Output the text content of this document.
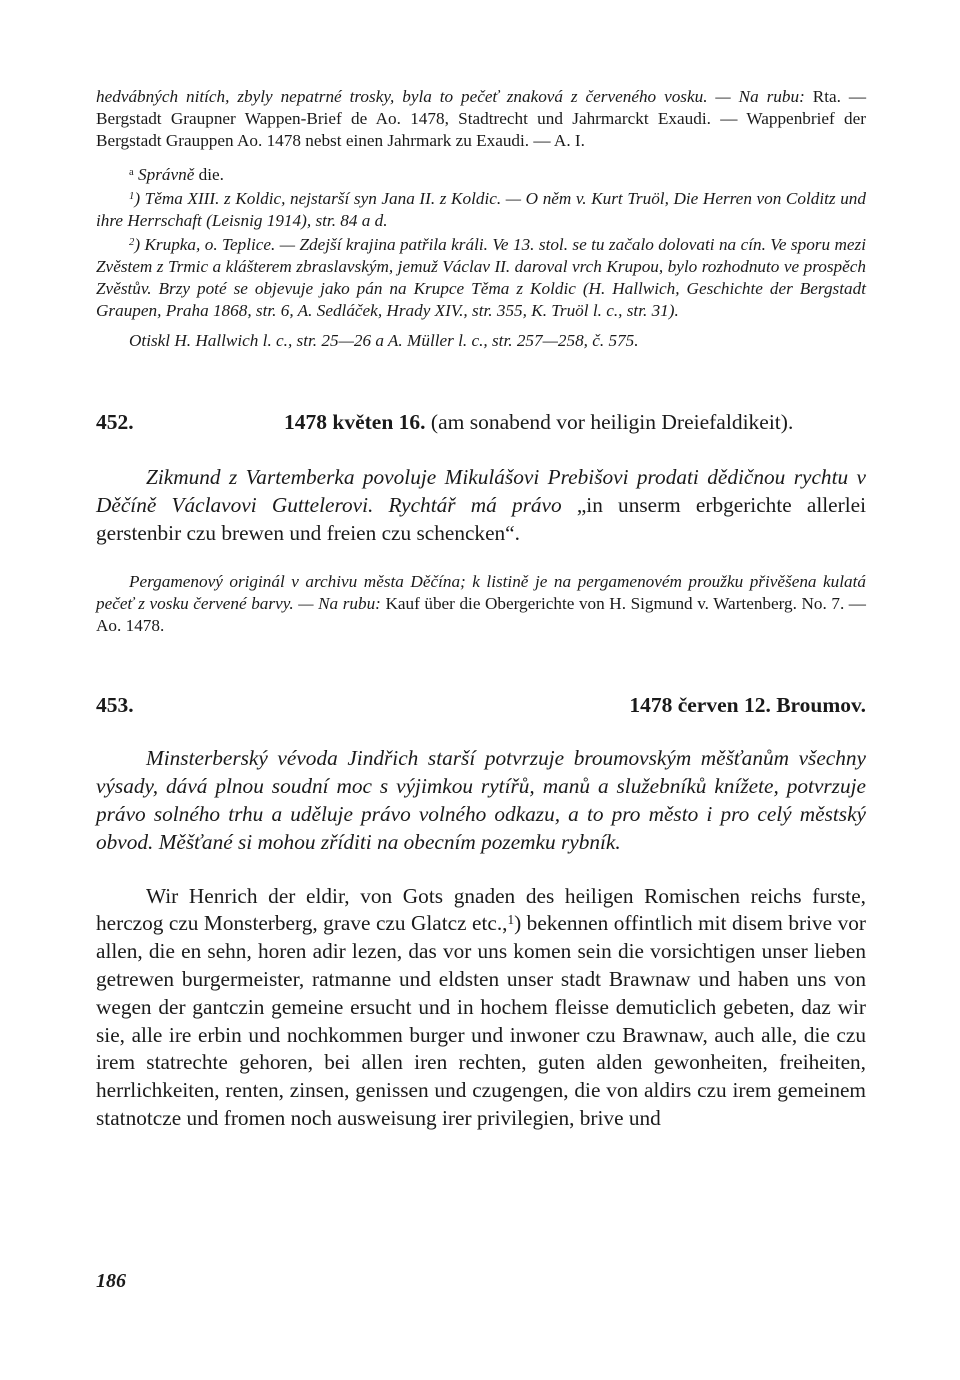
hedvábných nitích, zbyly nepatrné trosky, byla to pečeť znaková z červeného vosku. — Na rubu: Rta. — Bergstadt Graupner Wappen-Brief de Ao. 1478, Stadtrecht und Jahrmarckt Exaudi. — Wappenbrief der Bergstadt Grauppen Ao. 1478 nebst einen Jahrmark zu Exaudi. — A. I.

$^a$ Správně die.

$^1$) Těma XIII. z Koldic, nejstarší syn Jana II. z Koldic. — O něm v. Kurt Truöl, Die Herren von Colditz und ihre Herrschaft (Leisnig 1914), str. 84 a d.

$^2$) Krupka, o. Teplice. — Zdejší krajina patřila králi. Ve 13. stol. se tu začalo dolovati na cín. Ve sporu mezi Zvěstem z Trmic a klášterem zbraslavským, jemuž Václav II. daroval vrch Krupou, bylo rozhodnuto ve prospěch Zvěstův. Brzy poté se objevuje jako pán na Krupce Těma z Koldic (H. Hallwich, Geschichte der Bergstadt Graupen, Praha 1868, str. 6, A. Sedláček, Hrady XIV., str. 355, K. Truöl l. c., str. 31).

Otiskl H. Hallwich l. c., str. 25—26 a A. Müller l. c., str. 257—258, č. 575.

452.	1478 květen 16. (am sonabend vor heiligin Dreiefaldikeit).

Zikmund z Vartemberka povoluje Mikulášovi Prebišovi prodati dědičnou rychtu v Děčíně Václavovi Guttelerovi. Rychtář má právo „in unserm erbgerichte allerlei gerstenbir czu brewen und freien czu schencken“.

Pergamenový originál v archivu města Děčína; k listině je na pergamenovém proužku přivěšena kulatá pečeť z vosku červené barvy. — Na rubu: Kauf über die Obergerichte von H. Sigmund v. Wartenberg. No. 7. — Ao. 1478.

453.	1478 červen 12. Broumov.

Minsterberský vévoda Jindřich starší potvrzuje broumovským měšťanům všechny výsady, dává plnou soudní moc s výjimkou rytířů, manů a služebníků knížete, potvrzuje právo solného trhu a uděluje právo volného odkazu, a to pro město i pro celý městský obvod. Měšťané si mohou zříditi na obecním pozemku rybník.

Wir Henrich der eldir, von Gots gnaden des heiligen Romischen reichs furste, herczog czu Monsterberg, grave czu Glatcz etc.,$^1$) bekennen offintlich mit disem brive vor allen, die en sehn, horen adir lezen, das vor uns komen sein die vorsichtigen unser lieben getrewen burgermeister, ratmanne und eldsten unser stadt Brawnaw und haben uns von wegen der gantczin gemeine ersucht und in hochem fleisse demuticlich gebeten, daz wir sie, alle ire erbin und nochkommen burger und inwoner czu Brawnaw, auch alle, die czu irem statrechte gehoren, bei allen iren rechten, guten alden gewonheiten, freiheiten, herrlichkeiten, renten, zinsen, genissen und czugengen, die von aldirs czu irem gemeinem statnotcze und fromen noch ausweisung irer privilegien, brive und

186
